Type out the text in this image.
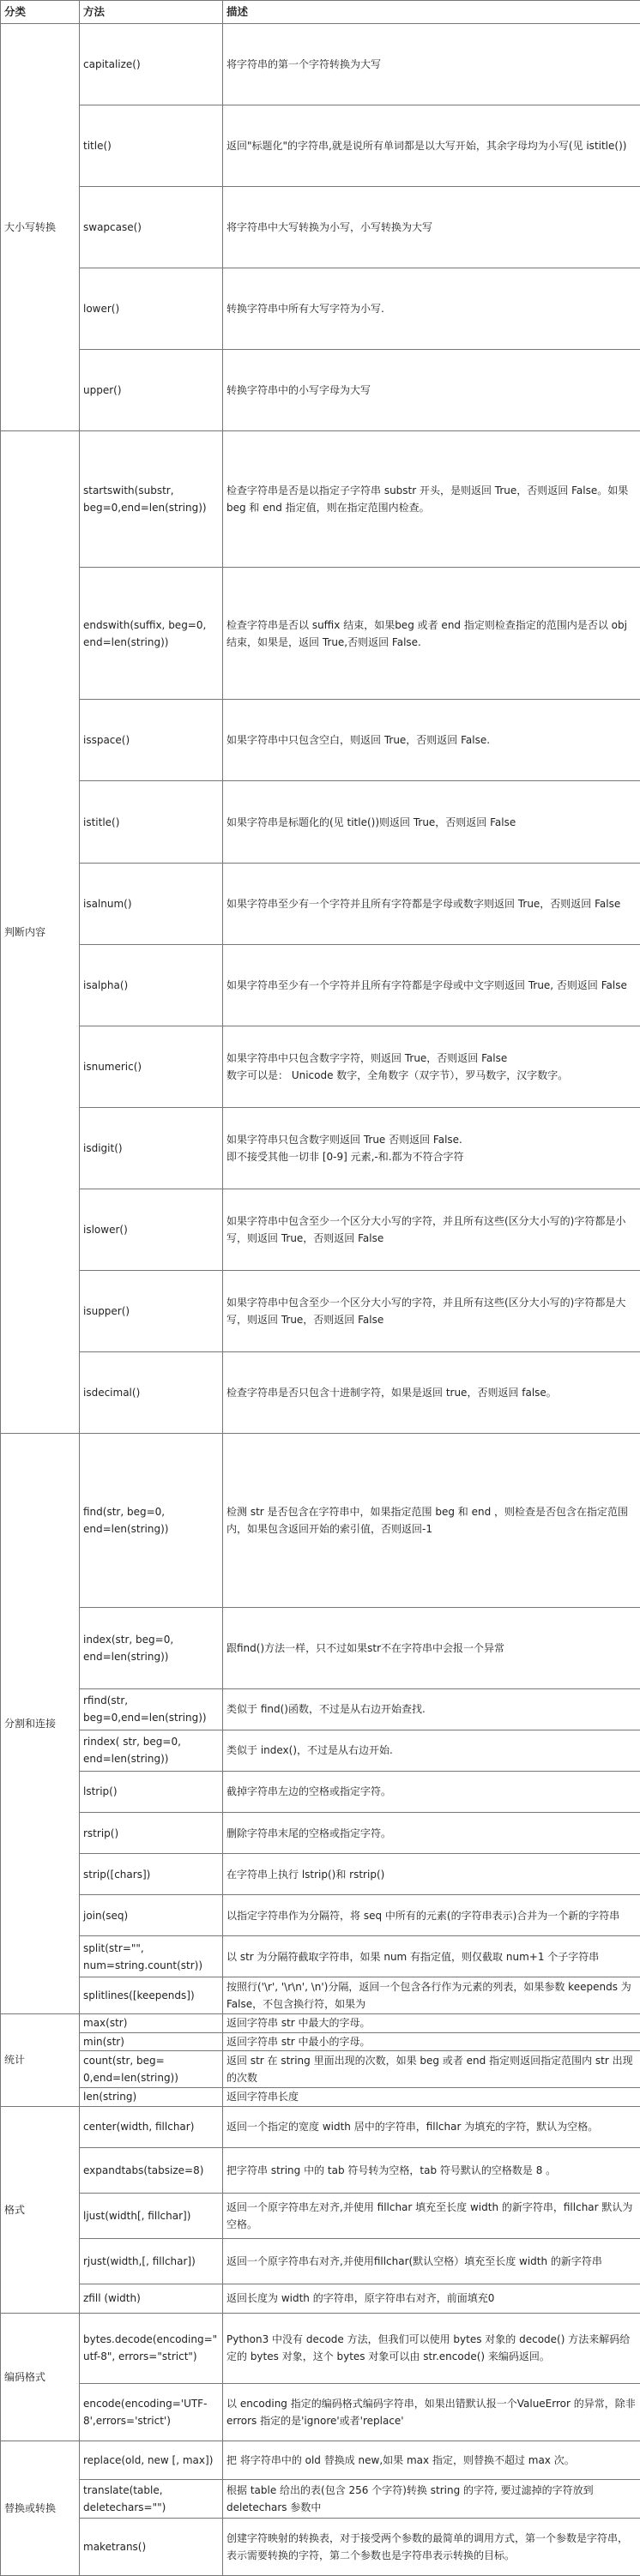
分类	方法	描述
大小写转换	capitalize()	将字符串的第一个字符转换为大写
	title()	返回"标题化"的字符串,就是说所有单词都是以大写开始，其余字母均为小写(见 istitle())
	swapcase()	将字符串中大写转换为小写，小写转换为大写
	lower()	转换字符串中所有大写字符为小写.
	upper()	转换字符串中的小写字母为大写
判断内容	startswith(substr, beg=0,end=len(string))	检查字符串是否是以指定子字符串 substr 开头，是则返回 True，否则返回 False。如果beg 和 end 指定值，则在指定范围内检查。
	endswith(suffix, beg=0, end=len(string))	检查字符串是否以 suffix 结束，如果beg 或者 end 指定则检查指定的范围内是否以 obj 结束，如果是，返回 True,否则返回 False.
	isspace()	如果字符串中只包含空白，则返回 True，否则返回 False.
	istitle()	如果字符串是标题化的(见 title())则返回 True，否则返回 False
	isalnum()	如果字符串至少有一个字符并且所有字符都是字母或数字则返回 True，否则返回 False
	isalpha()	如果字符串至少有一个字符并且所有字符都是字母或中文字则返回 True, 否则返回 False
	isnumeric()	如果字符串中只包含数字字符，则返回 True，否则返回 False
数字可以是： Unicode 数字，全角数字（双字节），罗马数字，汉字数字。
	isdigit()	如果字符串只包含数字则返回 True 否则返回 False.
即不接受其他一切非 [0-9] 元素,-和.都为不符合字符
	islower()	如果字符串中包含至少一个区分大小写的字符，并且所有这些(区分大小写的)字符都是小写，则返回 True，否则返回 False
	isupper()	如果字符串中包含至少一个区分大小写的字符，并且所有这些(区分大小写的)字符都是大写，则返回 True，否则返回 False
	isdecimal()	检查字符串是否只包含十进制字符，如果是返回 true，否则返回 false。
分割和连接	find(str, beg=0, end=len(string))	检测 str 是否包含在字符串中，如果指定范围 beg 和 end ，则检查是否包含在指定范围内，如果包含返回开始的索引值，否则返回-1
	index(str, beg=0, end=len(string))	跟find()方法一样，只不过如果str不在字符串中会报一个异常
	rfind(str, beg=0,end=len(string))	类似于 find()函数，不过是从右边开始查找.
	rindex( str, beg=0, end=len(string))	类似于 index()，不过是从右边开始.
	lstrip()	截掉字符串左边的空格或指定字符。
	rstrip()	删除字符串末尾的空格或指定字符。
	strip([chars])	在字符串上执行 lstrip()和 rstrip()
	join(seq)	以指定字符串作为分隔符，将 seq 中所有的元素(的字符串表示)合并为一个新的字符串
	split(str="", num=string.count(str))	以 str 为分隔符截取字符串，如果 num 有指定值，则仅截取 num+1 个子字符串
	splitlines([keepends])	按照行('\r', '\r\n', \n')分隔，返回一个包含各行作为元素的列表，如果参数 keepends 为 False，不包含换行符，如果为
统计	max(str)	返回字符串 str 中最大的字母。
	min(str)	返回字符串 str 中最小的字母。
	count(str, beg= 0,end=len(string))	返回 str 在 string 里面出现的次数，如果 beg 或者 end 指定则返回指定范围内 str 出现的次数
	len(string)	返回字符串长度
格式	center(width, fillchar)	返回一个指定的宽度 width 居中的字符串，fillchar 为填充的字符，默认为空格。
	expandtabs(tabsize=8)	把字符串 string 中的 tab 符号转为空格，tab 符号默认的空格数是 8 。
	ljust(width[, fillchar])	返回一个原字符串左对齐,并使用 fillchar 填充至长度 width 的新字符串，fillchar 默认为空格。
	rjust(width,[, fillchar])	返回一个原字符串右对齐,并使用fillchar(默认空格）填充至长度 width 的新字符串
	zfill (width)	返回长度为 width 的字符串，原字符串右对齐，前面填充0
编码格式	bytes.decode(encoding="utf-8", errors="strict")	Python3 中没有 decode 方法，但我们可以使用 bytes 对象的 decode() 方法来解码给定的 bytes 对象，这个 bytes 对象可以由 str.encode() 来编码返回。
	encode(encoding='UTF-8',errors='strict')	以 encoding 指定的编码格式编码字符串，如果出错默认报一个ValueError 的异常，除非 errors 指定的是'ignore'或者'replace'
替换或转换	replace(old, new [, max])	把 将字符串中的 old 替换成 new,如果 max 指定，则替换不超过 max 次。
	translate(table, deletechars="")	根据 table 给出的表(包含 256 个字符)转换 string 的字符, 要过滤掉的字符放到 deletechars 参数中
	maketrans()	创建字符映射的转换表，对于接受两个参数的最简单的调用方式，第一个参数是字符串，表示需要转换的字符，第二个参数也是字符串表示转换的目标。
